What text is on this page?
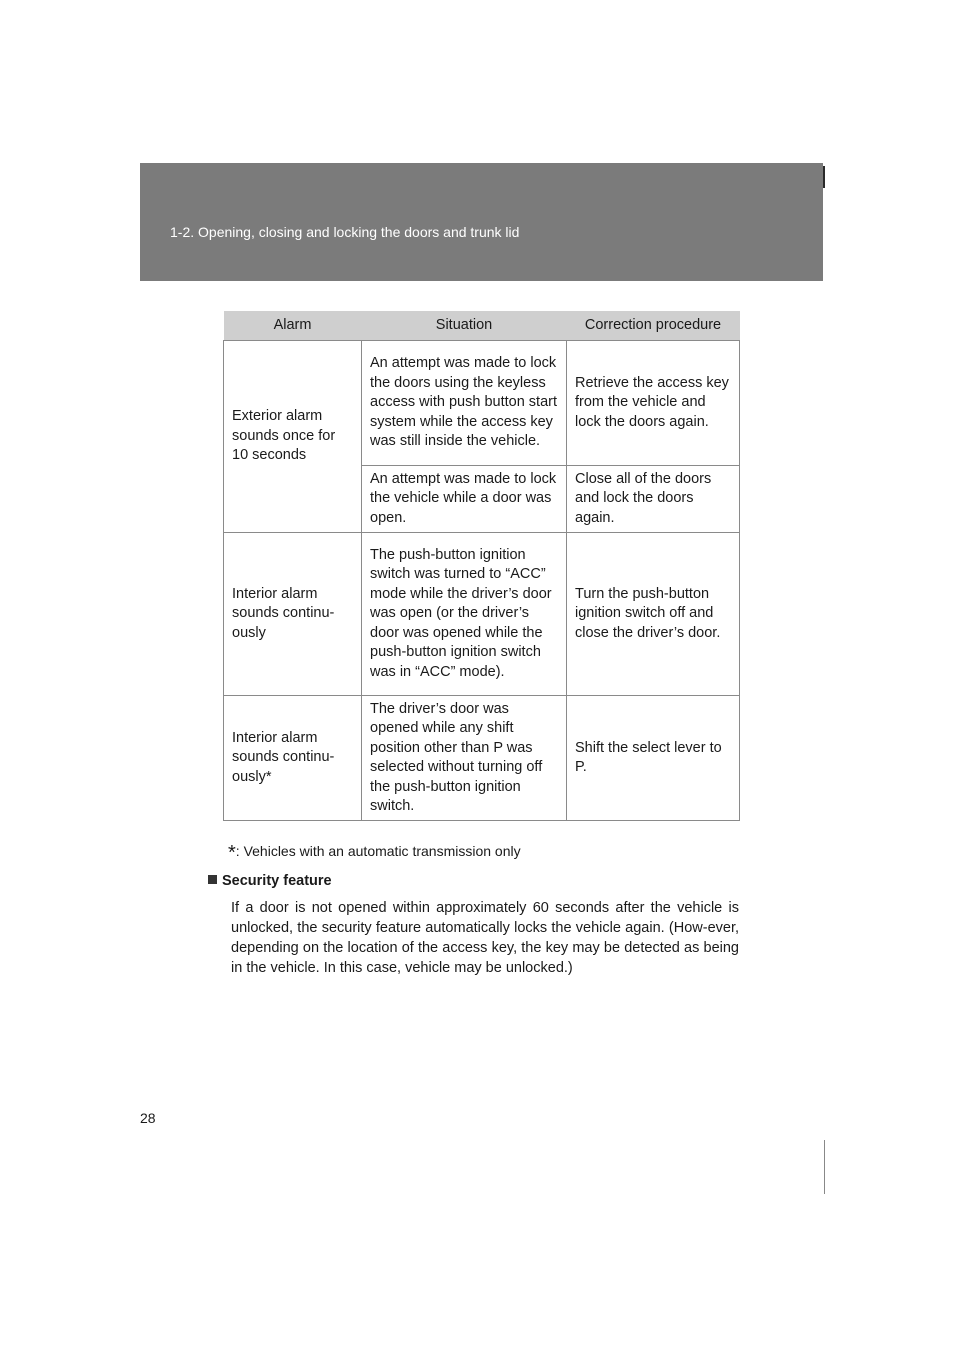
1-2. Opening, closing and locking the doors and trunk lid
Alarm	Situation	Correction procedure
Exterior alarm sounds once for 10 seconds	An attempt was made to lock the doors using the keyless access with push button start system while the access key was still inside the vehicle.	Retrieve the access key from the vehicle and lock the doors again.
	An attempt was made to lock the vehicle while a door was open.	Close all of the doors and lock the doors again.
Interior alarm sounds continu-ously	The push-button ignition switch was turned to “ACC” mode while the driver’s door was open (or the driver’s door was opened while the push-button ignition switch was in “ACC” mode).	Turn the push-button ignition switch off and close the driver’s door.
Interior alarm sounds continu-ously*	The driver’s door was opened while any shift position other than P was selected without turning off the push-button ignition switch.	Shift the select lever to P.
*: Vehicles with an automatic transmission only
Security feature
If a door is not opened within approximately 60 seconds after the vehicle is unlocked, the security feature automatically locks the vehicle again. (How-ever, depending on the location of the access key, the key may be detected as being in the vehicle. In this case, vehicle may be unlocked.)
28
